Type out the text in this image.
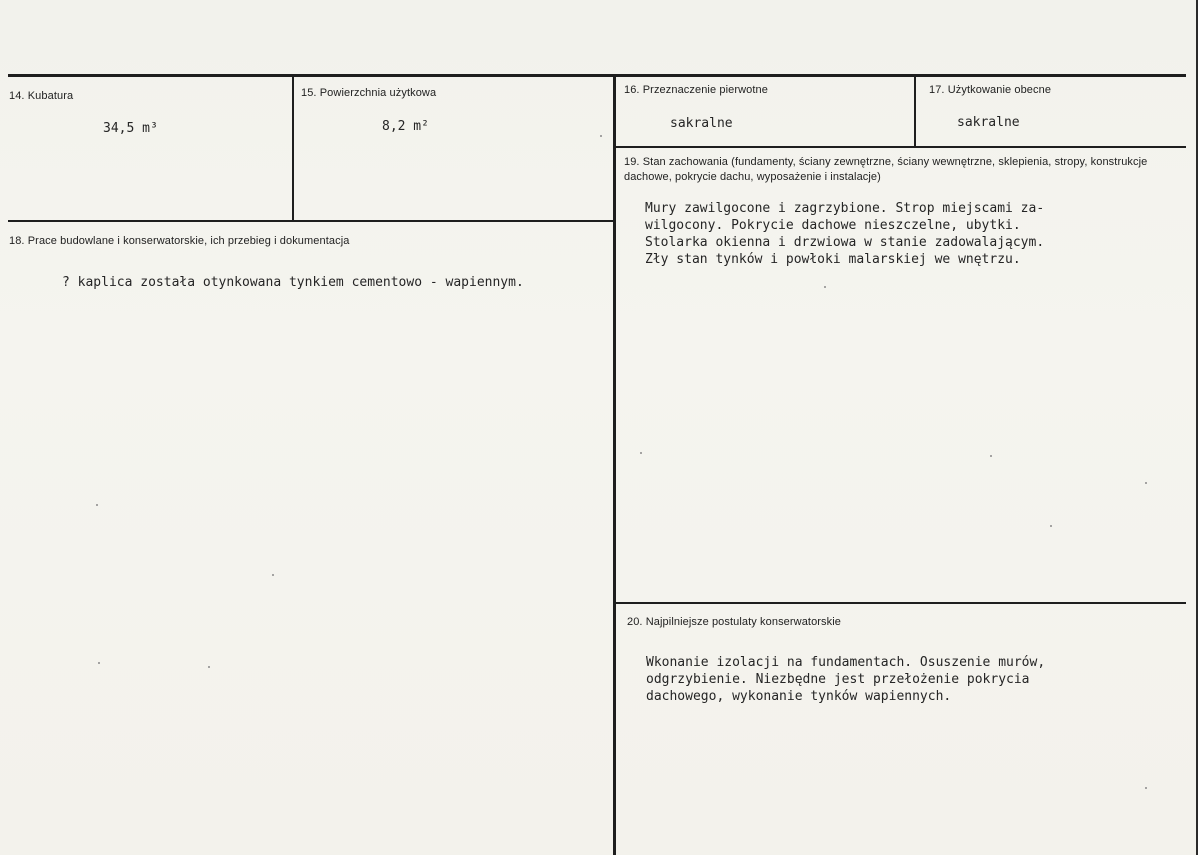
14. Kubatura
34,5 m³
15. Powierzchnia użytkowa
8,2 m²
16. Przeznaczenie pierwotne
sakralne
17. Użytkowanie obecne
sakralne
18. Prace budowlane i konserwatorskie, ich przebieg i dokumentacja
? kaplica została otynkowana tynkiem cementowo - wapiennym.
19. Stan zachowania (fundamenty, ściany zewnętrzne, ściany wewnętrzne, sklepienia, stropy, konstrukcje dachowe, pokrycie dachu, wyposażenie i instalacje)
Mury zawilgocone i zagrzybione. Strop miejscami za-
wilgocony. Pokrycie dachowe nieszczelne, ubytki.
Stolarka okienna i drzwiowa w stanie zadowalającym.
Zły stan tynków i powłoki malarskiej we wnętrzu.
20. Najpilniejsze postulaty konserwatorskie
Wkonanie izolacji na fundamentach. Osuszenie murów,
odgrzybienie. Niezbędne jest przełożenie pokrycia
dachowego, wykonanie tynków wapiennych.
